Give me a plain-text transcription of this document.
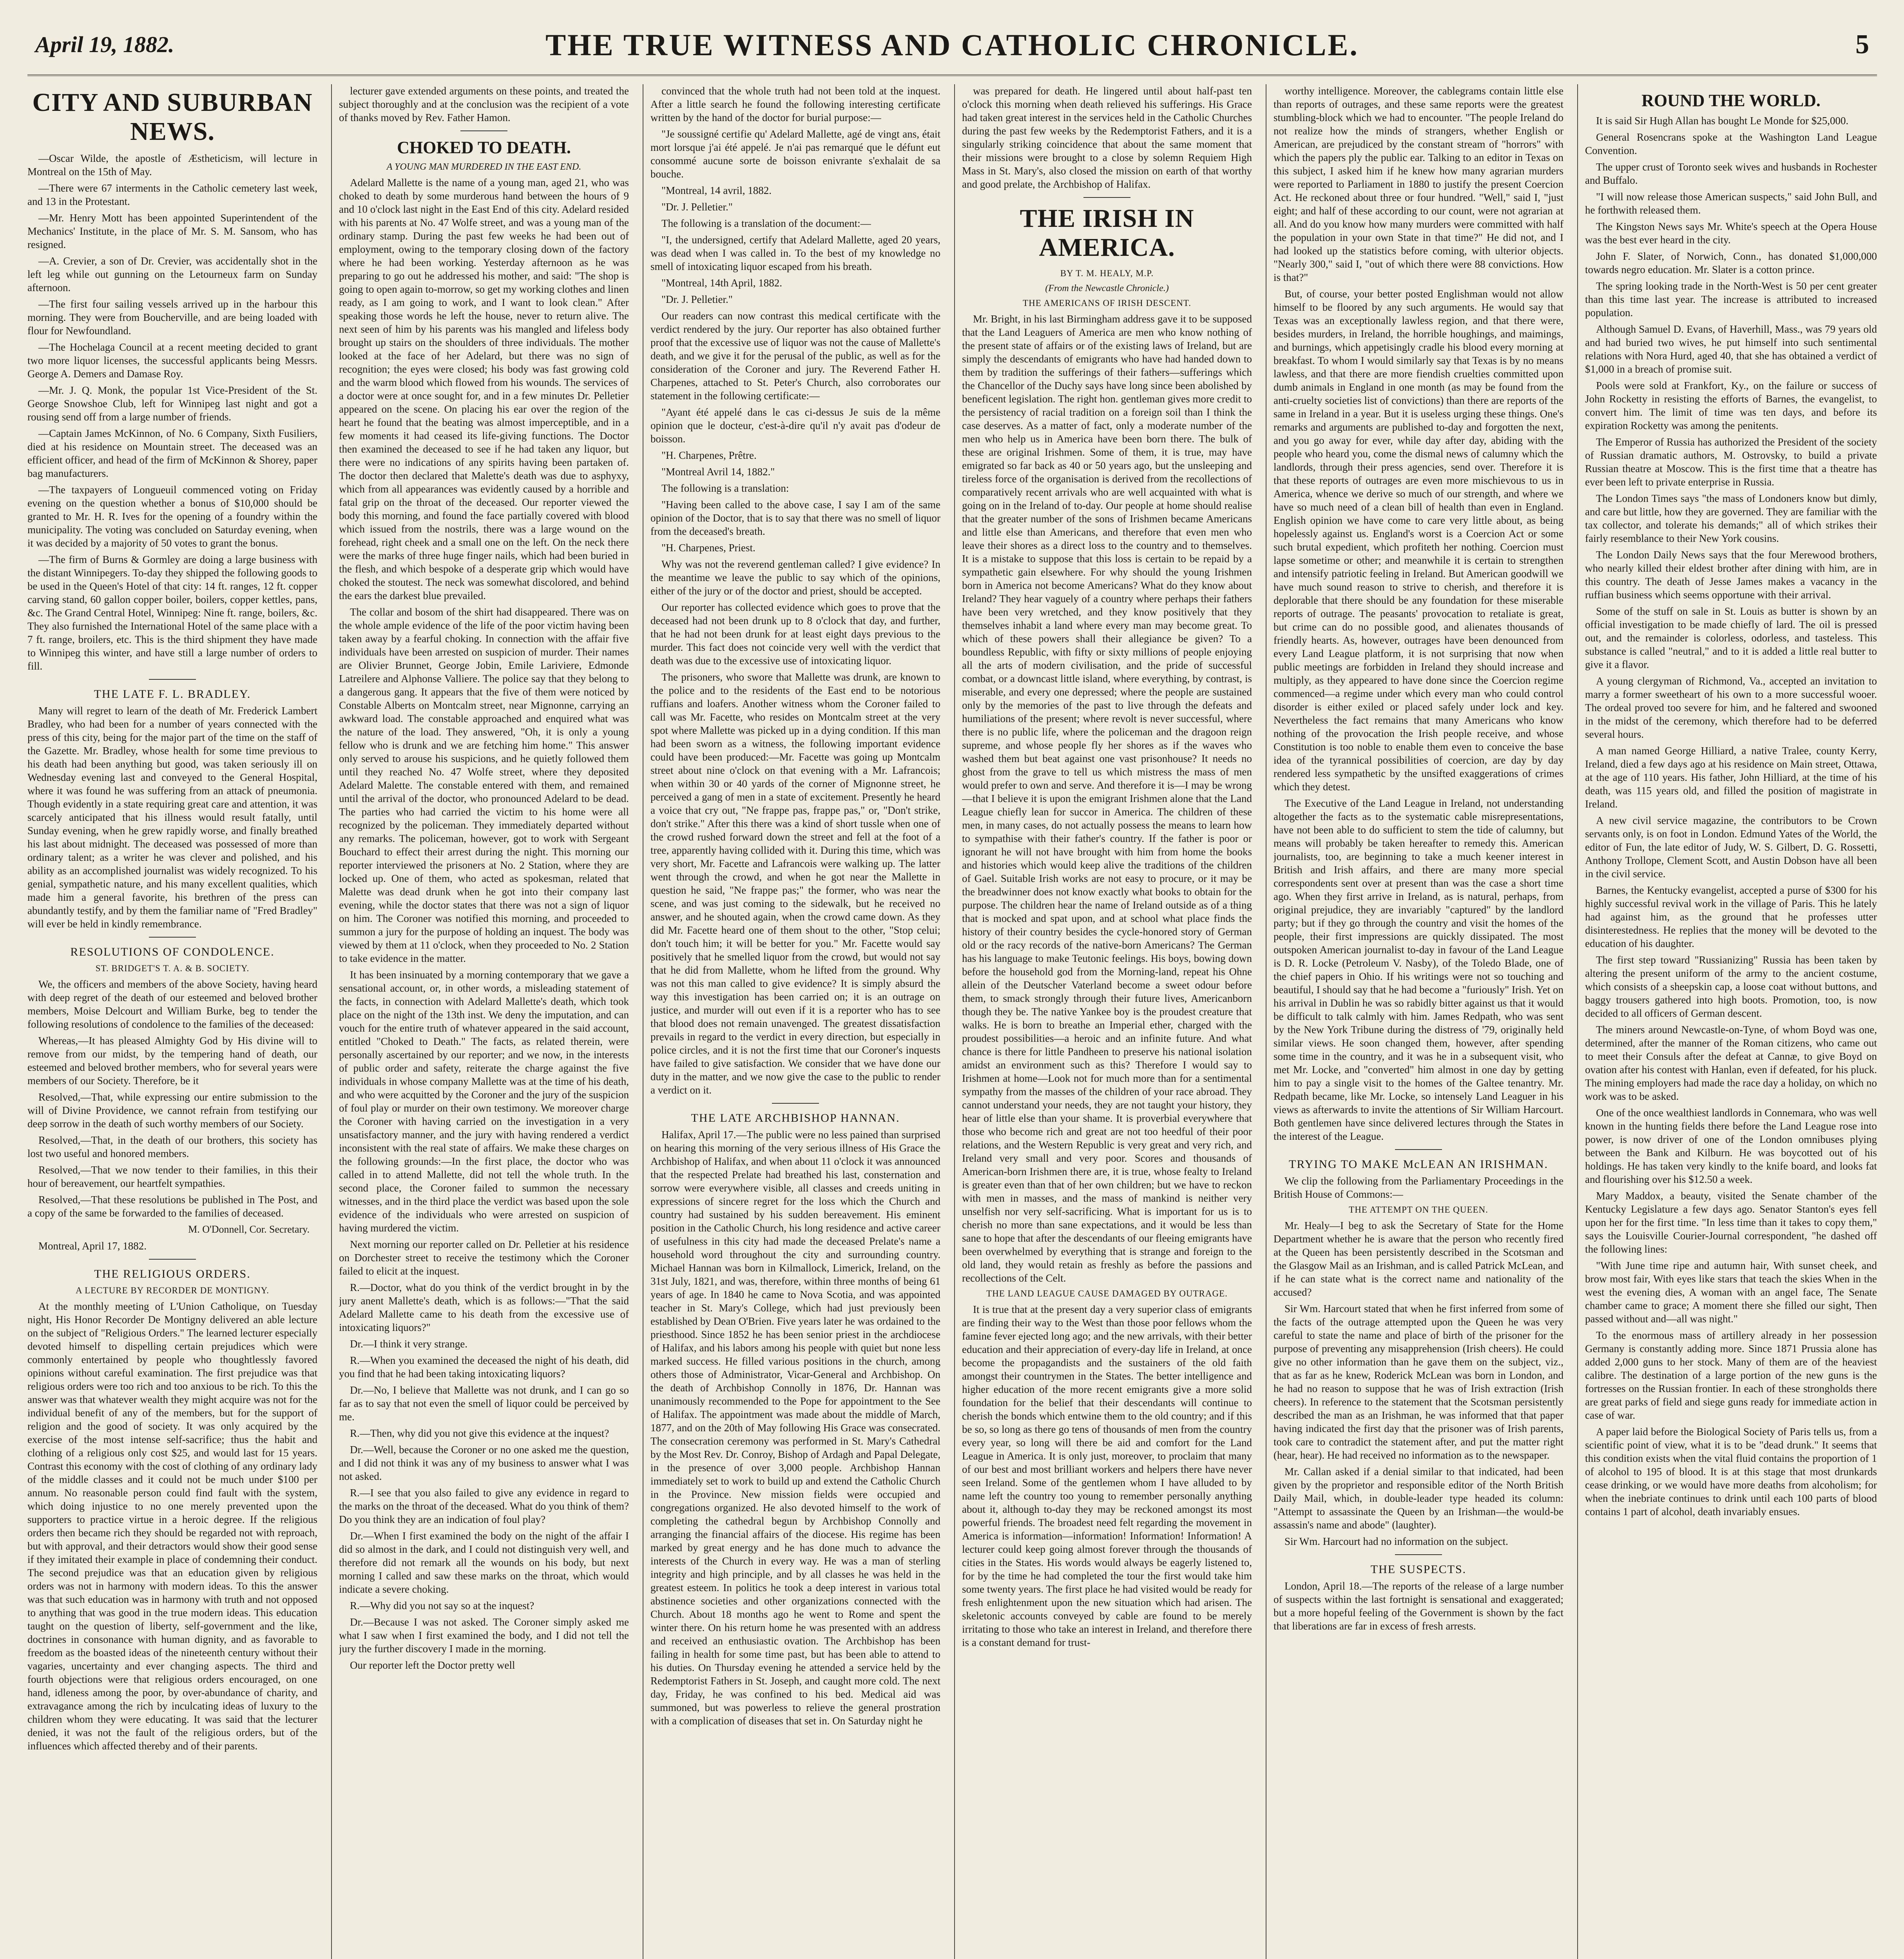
April 19, 1882.	THE TRUE WITNESS AND CATHOLIC CHRONICLE.	5
CITY AND SUBURBAN NEWS.

—Oscar Wilde, the apostle of Æstheticism, will lecture in Montreal on the 15th of May.

—There were 67 interments in the Catholic cemetery last week, and 13 in the Protestant.

—Mr. Henry Mott has been appointed Superintendent of the Mechanics' Institute, in the place of Mr. S. M. Sansom, who has resigned.

—A. Crevier, a son of Dr. Crevier, was accidentally shot in the left leg while out gunning on the Letourneux farm on Sunday afternoon.

—The first four sailing vessels arrived up in the harbour this morning. They were from Boucherville, and are being loaded with flour for Newfoundland.

—The Hochelaga Council at a recent meeting decided to grant two more liquor licenses, the successful applicants being Messrs. George A. Demers and Damase Roy.

—Mr. J. Q. Monk, the popular 1st Vice-President of the St. George Snowshoe Club, left for Winnipeg last night and got a rousing send off from a large number of friends.

—Captain James McKinnon, of No. 6 Company, Sixth Fusiliers, died at his residence on Mountain street. The deceased was an efficient officer, and head of the firm of McKinnon & Shorey, paper bag manufacturers.

—The taxpayers of Longueuil commenced voting on Friday evening on the question whether a bonus of $10,000 should be granted to Mr. H. R. Ives for the opening of a foundry within the municipality. The voting was concluded on Saturday evening, when it was decided by a majority of 50 votes to grant the bonus.

—The firm of Burns & Gormley are doing a large business with the distant Winnipegers. To-day they shipped the following goods to be used in the Queen's Hotel of that city: 14 ft. ranges, 12 ft. copper carving stand, 60 gallon copper boiler, boilers, copper kettles, pans, &c. The Grand Central Hotel, Winnipeg: Nine ft. range, boilers, &c. They also furnished the International Hotel of the same place with a 7 ft. range, broilers, etc. This is the third shipment they have made to Winnipeg this winter, and have still a large number of orders to fill.

THE LATE F. L. BRADLEY.

Many will regret to learn of the death of Mr. Frederick Lambert Bradley, who had been for a number of years connected with the press of this city, being for the major part of the time on the staff of the Gazette. Mr. Bradley, whose health for some time previous to his death had been anything but good, was taken seriously ill on Wednesday evening last and conveyed to the General Hospital, where it was found he was suffering from an attack of pneumonia. Though evidently in a state requiring great care and attention, it was scarcely anticipated that his illness would result fatally, until Sunday evening, when he grew rapidly worse, and finally breathed his last about midnight. The deceased was possessed of more than ordinary talent; as a writer he was clever and polished, and his ability as an accomplished journalist was widely recognized. To his genial, sympathetic nature, and his many excellent qualities, which made him a general favorite, his brethren of the press can abundantly testify, and by them the familiar name of "Fred Bradley" will ever be held in kindly remembrance.

RESOLUTIONS OF CONDOLENCE.
ST. BRIDGET'S T. A. & B. SOCIETY.

We, the officers and members of the above Society, having heard with deep regret of the death of our esteemed and beloved brother members, Moise Delcourt and William Burke, beg to tender the following resolutions of condolence to the families of the deceased:

Whereas,—It has pleased Almighty God by His divine will to remove from our midst, by the tempering hand of death, our esteemed and beloved brother members, who for several years were members of our Society. Therefore, be it

Resolved,—That, while expressing our entire submission to the will of Divine Providence, we cannot refrain from testifying our deep sorrow in the death of such worthy members of our Society.

Resolved,—That, in the death of our brothers, this society has lost two useful and honored members.

Resolved,—That we now tender to their families, in this their hour of bereavement, our heartfelt sympathies.

Resolved,—That these resolutions be published in The Post, and a copy of the same be forwarded to the families of deceased.

M. O'Donnell, Cor. Secretary.

Montreal, April 17, 1882.

THE RELIGIOUS ORDERS.
A LECTURE BY RECORDER DE MONTIGNY.

At the monthly meeting of L'Union Catholique, on Tuesday night, His Honor Recorder De Montigny delivered an able lecture on the subject of "Religious Orders." The learned lecturer especially devoted himself to dispelling certain prejudices which were commonly entertained by people who thoughtlessly favored opinions without careful examination. The first prejudice was that religious orders were too rich and too anxious to be rich. To this the answer was that whatever wealth they might acquire was not for the individual benefit of any of the members, but for the support of religion and the good of society. It was only acquired by the exercise of the most intense self-sacrifice; thus the habit and clothing of a religious only cost $25, and would last for 15 years. Contrast this economy with the cost of clothing of any ordinary lady of the middle classes and it could not be much under $100 per annum. No reasonable person could find fault with the system, which doing injustice to no one merely prevented upon the supporters to practice virtue in a heroic degree. If the religious orders then became rich they should be regarded not with reproach, but with approval, and their detractors would show their good sense if they imitated their example in place of condemning their conduct. The second prejudice was that an education given by religious orders was not in harmony with modern ideas. To this the answer was that such education was in harmony with truth and not opposed to anything that was good in the true modern ideas. This education taught on the question of liberty, self-government and the like, doctrines in consonance with human dignity, and as favorable to freedom as the boasted ideas of the nineteenth century without their vagaries, uncertainty and ever changing aspects. The third and fourth objections were that religious orders encouraged, on one hand, idleness among the poor, by over-abundance of charity, and extravagance among the rich by inculcating ideas of luxury to the children whom they were educating. It was said that the lecturer denied, it was not the fault of the religious orders, but of the influences which affected thereby and of their parents.

lecturer gave extended arguments on these points, and treated the subject thoroughly and at the conclusion was the recipient of a vote of thanks moved by Rev. Father Hamon.

CHOKED TO DEATH.
A YOUNG MAN MURDERED IN THE EAST END.

Adelard Mallette is the name of a young man, aged 21, who was choked to death by some murderous hand between the hours of 9 and 10 o'clock last night in the East End of this city. Adelard resided with his parents at No. 47 Wolfe street, and was a young man of the ordinary stamp. During the past few weeks he had been out of employment, owing to the temporary closing down of the factory where he had been working. Yesterday afternoon as he was preparing to go out he addressed his mother, and said: "The shop is going to open again to-morrow, so get my working clothes and linen ready, as I am going to work, and I want to look clean." After speaking those words he left the house, never to return alive. The next seen of him by his parents was his mangled and lifeless body brought up stairs on the shoulders of three individuals. The mother looked at the face of her Adelard, but there was no sign of recognition; the eyes were closed; his body was fast growing cold and the warm blood which flowed from his wounds. The services of a doctor were at once sought for, and in a few minutes Dr. Pelletier appeared on the scene. On placing his ear over the region of the heart he found that the beating was almost imperceptible, and in a few moments it had ceased its life-giving functions. The Doctor then examined the deceased to see if he had taken any liquor, but there were no indications of any spirits having been partaken of. The doctor then declared that Malette's death was due to asphyxy, which from all appearances was evidently caused by a horrible and fatal grip on the throat of the deceased. Our reporter viewed the body this morning, and found the face partially covered with blood which issued from the nostrils, there was a large wound on the forehead, right cheek and a small one on the left. On the neck there were the marks of three huge finger nails, which had been buried in the flesh, and which bespoke of a desperate grip which would have choked the stoutest. The neck was somewhat discolored, and behind the ears the darkest blue prevailed.

The collar and bosom of the shirt had disappeared. There was on the whole ample evidence of the life of the poor victim having been taken away by a fearful choking. In connection with the affair five individuals have been arrested on suspicion of murder. Their names are Olivier Brunnet, George Jobin, Emile Lariviere, Edmonde Latreilere and Alphonse Valliere. The police say that they belong to a dangerous gang. It appears that the five of them were noticed by Constable Alberts on Montcalm street, near Mignonne, carrying an awkward load. The constable approached and enquired what was the nature of the load. They answered, "Oh, it is only a young fellow who is drunk and we are fetching him home." This answer only served to arouse his suspicions, and he quietly followed them until they reached No. 47 Wolfe street, where they deposited Adelard Malette. The constable entered with them, and remained until the arrival of the doctor, who pronounced Adelard to be dead. The parties who had carried the victim to his home were all recognized by the policeman. They immediately departed without any remarks. The policeman, however, got to work with Sergeant Bouchard to effect their arrest during the night. This morning our reporter interviewed the prisoners at No. 2 Station, where they are locked up. One of them, who acted as spokesman, related that Malette was dead drunk when he got into their company last evening, while the doctor states that there was not a sign of liquor on him. The Coroner was notified this morning, and proceeded to summon a jury for the purpose of holding an inquest. The body was viewed by them at 11 o'clock, when they proceeded to No. 2 Station to take evidence in the matter.

It has been insinuated by a morning contemporary that we gave a sensational account, or, in other words, a misleading statement of the facts, in connection with Adelard Mallette's death, which took place on the night of the 13th inst. We deny the imputation, and can vouch for the entire truth of whatever appeared in the said account, entitled "Choked to Death." The facts, as related therein, were personally ascertained by our reporter; and we now, in the interests of public order and safety, reiterate the charge against the five individuals in whose company Mallette was at the time of his death, and who were acquitted by the Coroner and the jury of the suspicion of foul play or murder on their own testimony. We moreover charge the Coroner with having carried on the investigation in a very unsatisfactory manner, and the jury with having rendered a verdict inconsistent with the real state of affairs. We make these charges on the following grounds:—In the first place, the doctor who was called in to attend Mallette, did not tell the whole truth. In the second place, the Coroner failed to summon the necessary witnesses, and in the third place the verdict was based upon the sole evidence of the individuals who were arrested on suspicion of having murdered the victim.

Next morning our reporter called on Dr. Pelletier at his residence on Dorchester street to receive the testimony which the Coroner failed to elicit at the inquest.

R.—Doctor, what do you think of the verdict brought in by the jury anent Mallette's death, which is as follows:—"That the said Adelard Mallette came to his death from the excessive use of intoxicating liquors?"

Dr.—I think it very strange.

R.—When you examined the deceased the night of his death, did you find that he had been taking intoxicating liquors?

Dr.—No, I believe that Mallette was not drunk, and I can go so far as to say that not even the smell of liquor could be perceived by me.

R.—Then, why did you not give this evidence at the inquest?

Dr.—Well, because the Coroner or no one asked me the question, and I did not think it was any of my business to answer what I was not asked.

R.—I see that you also failed to give any evidence in regard to the marks on the throat of the deceased. What do you think of them? Do you think they are an indication of foul play?

Dr.—When I first examined the body on the night of the affair I did so almost in the dark, and I could not distinguish very well, and therefore did not remark all the wounds on his body, but next morning I called and saw these marks on the throat, which would indicate a severe choking.

R.—Why did you not say so at the inquest?

Dr.—Because I was not asked. The Coroner simply asked me what I saw when I first examined the body, and I did not tell the jury the further discovery I made in the morning.

Our reporter left the Doctor pretty well

convinced that the whole truth had not been told at the inquest. After a little search he found the following interesting certificate written by the hand of the doctor for burial purpose:—

"Je soussigné certifie qu' Adelard Mallette, agé de vingt ans, était mort lorsque j'ai été appelé. Je n'ai pas remarqué que le défunt eut consommé aucune sorte de boisson enivrante s'exhalait de sa bouche.

"Montreal, 14 avril, 1882.

"Dr. J. Pelletier."

The following is a translation of the document:—

"I, the undersigned, certify that Adelard Mallette, aged 20 years, was dead when I was called in. To the best of my knowledge no smell of intoxicating liquor escaped from his breath.

"Montreal, 14th April, 1882.

"Dr. J. Pelletier."

Our readers can now contrast this medical certificate with the verdict rendered by the jury. Our reporter has also obtained further proof that the excessive use of liquor was not the cause of Mallette's death, and we give it for the perusal of the public, as well as for the consideration of the Coroner and jury. The Reverend Father H. Charpenes, attached to St. Peter's Church, also corroborates our statement in the following certificate:—

"Ayant été appelé dans le cas ci-dessus Je suis de la même opinion que le docteur, c'est-à-dire qu'il n'y avait pas d'odeur de boisson.

"H. Charpenes, Prêtre.

"Montreal Avril 14, 1882."

The following is a translation:

"Having been called to the above case, I say I am of the same opinion of the Doctor, that is to say that there was no smell of liquor from the deceased's breath.

"H. Charpenes, Priest.

Why was not the reverend gentleman called? I give evidence? In the meantime we leave the public to say which of the opinions, either of the jury or of the doctor and priest, should be accepted.

Our reporter has collected evidence which goes to prove that the deceased had not been drunk up to 8 o'clock that day, and further, that he had not been drunk for at least eight days previous to the murder. This fact does not coincide very well with the verdict that death was due to the excessive use of intoxicating liquor.

The prisoners, who swore that Mallette was drunk, are known to the police and to the residents of the East end to be notorious ruffians and loafers. Another witness whom the Coroner failed to call was Mr. Facette, who resides on Montcalm street at the very spot where Mallette was picked up in a dying condition. If this man had been sworn as a witness, the following important evidence could have been produced:—Mr. Facette was going up Montcalm street about nine o'clock on that evening with a Mr. Lafrancois; when within 30 or 40 yards of the corner of Mignonne street, he perceived a gang of men in a state of excitement. Presently he heard a voice that cry out, "Ne frappe pas, frappe pas," or, "Don't strike, don't strike." After this there was a kind of short tussle when one of the crowd rushed forward down the street and fell at the foot of a tree, apparently having collided with it. During this time, which was very short, Mr. Facette and Lafrancois were walking up. The latter went through the crowd, and when he got near the Mallette in question he said, "Ne frappe pas;" the former, who was near the scene, and was just coming to the sidewalk, but he received no answer, and he shouted again, when the crowd came down. As they did Mr. Facette heard one of them shout to the other, "Stop celui; don't touch him; it will be better for you." Mr. Facette would say positively that he smelled liquor from the crowd, but would not say that he did from Mallette, whom he lifted from the ground. Why was not this man called to give evidence? It is simply absurd the way this investigation has been carried on; it is an outrage on justice, and murder will out even if it is a reporter who has to see that blood does not remain unavenged. The greatest dissatisfaction prevails in regard to the verdict in every direction, but especially in police circles, and it is not the first time that our Coroner's inquests have failed to give satisfaction. We consider that we have done our duty in the matter, and we now give the case to the public to render a verdict on it.

THE LATE ARCHBISHOP HANNAN.

Halifax, April 17.—The public were no less pained than surprised on hearing this morning of the very serious illness of His Grace the Archbishop of Halifax, and when about 11 o'clock it was announced that the respected Prelate had breathed his last, consternation and sorrow were everywhere visible, all classes and creeds uniting in expressions of sincere regret for the loss which the Church and country had sustained by his sudden bereavement. His eminent position in the Catholic Church, his long residence and active career of usefulness in this city had made the deceased Prelate's name a household word throughout the city and surrounding country. Michael Hannan was born in Kilmallock, Limerick, Ireland, on the 31st July, 1821, and was, therefore, within three months of being 61 years of age. In 1840 he came to Nova Scotia, and was appointed teacher in St. Mary's College, which had just previously been established by Dean O'Brien. Five years later he was ordained to the priesthood. Since 1852 he has been senior priest in the archdiocese of Halifax, and his labors among his people with quiet but none less marked success. He filled various positions in the church, among others those of Administrator, Vicar-General and Archbishop. On the death of Archbishop Connolly in 1876, Dr. Hannan was unanimously recommended to the Pope for appointment to the See of Halifax. The appointment was made about the middle of March, 1877, and on the 20th of May following His Grace was consecrated. The consecration ceremony was performed in St. Mary's Cathedral by the Most Rev. Dr. Conroy, Bishop of Ardagh and Papal Delegate, in the presence of over 3,000 people. Archbishop Hannan immediately set to work to build up and extend the Catholic Church in the Province. New mission fields were occupied and congregations organized. He also devoted himself to the work of completing the cathedral begun by Archbishop Connolly and arranging the financial affairs of the diocese. His regime has been marked by great energy and he has done much to advance the interests of the Church in every way. He was a man of sterling integrity and high principle, and by all classes he was held in the greatest esteem. In politics he took a deep interest in various total abstinence societies and other organizations connected with the Church. About 18 months ago he went to Rome and spent the winter there. On his return home he was presented with an address and received an enthusiastic ovation. The Archbishop has been failing in health for some time past, but has been able to attend to his duties. On Thursday evening he attended a service held by the Redemptorist Fathers in St. Joseph, and caught more cold. The next day, Friday, he was confined to his bed. Medical aid was summoned, but was powerless to relieve the general prostration with a complication of diseases that set in. On Saturday night he

was prepared for death. He lingered until about half-past ten o'clock this morning when death relieved his sufferings. His Grace had taken great interest in the services held in the Catholic Churches during the past few weeks by the Redemptorist Fathers, and it is a singularly striking coincidence that about the same moment that their missions were brought to a close by solemn Requiem High Mass in St. Mary's, also closed the mission on earth of that worthy and good prelate, the Archbishop of Halifax.

THE IRISH IN AMERICA.
BY T. M. HEALY, M.P.
(From the Newcastle Chronicle.)
THE AMERICANS OF IRISH DESCENT.

Mr. Bright, in his last Birmingham address gave it to be supposed that the Land Leaguers of America are men who know nothing of the present state of affairs or of the existing laws of Ireland, but are simply the descendants of emigrants who have had handed down to them by tradition the sufferings of their fathers—sufferings which the Chancellor of the Duchy says have long since been abolished by beneficent legislation. The right hon. gentleman gives more credit to the persistency of racial tradition on a foreign soil than I think the case deserves. As a matter of fact, only a moderate number of the men who help us in America have been born there. The bulk of these are original Irishmen. Some of them, it is true, may have emigrated so far back as 40 or 50 years ago, but the unsleeping and tireless force of the organisation is derived from the recollections of comparatively recent arrivals who are well acquainted with what is going on in the Ireland of to-day. Our people at home should realise that the greater number of the sons of Irishmen became Americans and little else than Americans, and therefore that even men who leave their shores as a direct loss to the country and to themselves. It is a mistake to suppose that this loss is certain to be repaid by a sympathetic gain elsewhere. For why should the young Irishmen born in America not become Americans? What do they know about Ireland? They hear vaguely of a country where perhaps their fathers have been very wretched, and they know positively that they themselves inhabit a land where every man may become great. To which of these powers shall their allegiance be given? To a boundless Republic, with fifty or sixty millions of people enjoying all the arts of modern civilisation, and the pride of successful combat, or a downcast little island, where everything, by contrast, is miserable, and every one depressed; where the people are sustained only by the memories of the past to live through the defeats and humiliations of the present; where revolt is never successful, where there is no public life, where the policeman and the dragoon reign supreme, and whose people fly her shores as if the waves who washed them but beat against one vast prisonhouse? It needs no ghost from the grave to tell us which mistress the mass of men would prefer to own and serve. And therefore it is—I may be wrong—that I believe it is upon the emigrant Irishmen alone that the Land League chiefly lean for succor in America. The children of these men, in many cases, do not actually possess the means to learn how to sympathise with their father's country. If the father is poor or ignorant he will not have brought with him from home the books and histories which would keep alive the traditions of the children of Gael. Suitable Irish works are not easy to procure, or it may be the breadwinner does not know exactly what books to obtain for the purpose. The children hear the name of Ireland outside as of a thing that is mocked and spat upon, and at school what place finds the history of their country besides the cycle-honored story of German old or the racy records of the native-born Americans? The German has his language to make Teutonic feelings. His boys, bowing down before the household god from the Morning-land, repeat his Ohne allein of the Deutscher Vaterland become a sweet odour before them, to smack strongly through their future lives, Americanborn though they be. The native Yankee boy is the proudest creature that walks. He is born to breathe an Imperial ether, charged with the proudest possibilities—a heroic and an infinite future. And what chance is there for little Pandheen to preserve his national isolation amidst an environment such as this? Therefore I would say to Irishmen at home—Look not for much more than for a sentimental sympathy from the masses of the children of your race abroad. They cannot understand your needs, they are not taught your history, they hear of little else than your shame. It is proverbial everywhere that those who become rich and great are not too heedful of their poor relations, and the Western Republic is very great and very rich, and Ireland very small and very poor. Scores and thousands of American-born Irishmen there are, it is true, whose fealty to Ireland is greater even than that of her own children; but we have to reckon with men in masses, and the mass of mankind is neither very unselfish nor very self-sacrificing. What is important for us is to cherish no more than sane expectations, and it would be less than sane to hope that after the descendants of our fleeing emigrants have been overwhelmed by everything that is strange and foreign to the old land, they would retain as freshly as before the passions and recollections of the Celt.

THE LAND LEAGUE CAUSE DAMAGED BY OUTRAGE.

It is true that at the present day a very superior class of emigrants are finding their way to the West than those poor fellows whom the famine fever ejected long ago; and the new arrivals, with their better education and their appreciation of every-day life in Ireland, at once become the propagandists and the sustainers of the old faith amongst their countrymen in the States. The better intelligence and higher education of the more recent emigrants give a more solid foundation for the belief that their descendants will continue to cherish the bonds which entwine them to the old country; and if this be so, so long as there go tens of thousands of men from the country every year, so long will there be aid and comfort for the Land League in America. It is only just, moreover, to proclaim that many of our best and most brilliant workers and helpers there have never seen Ireland. Some of the gentlemen whom I have alluded to by name left the country too young to remember personally anything about it, although to-day they may be reckoned amongst its most powerful friends. The broadest need felt regarding the movement in America is information—information! Information! Information! A lecturer could keep going almost forever through the thousands of cities in the States. His words would always be eagerly listened to, for by the time he had completed the tour the first would take him some twenty years. The first place he had visited would be ready for fresh enlightenment upon the new situation which had arisen. The skeletonic accounts conveyed by cable are found to be merely irritating to those who take an interest in Ireland, and therefore there is a constant demand for trust-

worthy intelligence. Moreover, the cablegrams contain little else than reports of outrages, and these same reports were the greatest stumbling-block which we had to encounter. "The people Ireland do not realize how the minds of strangers, whether English or American, are prejudiced by the constant stream of "horrors" with which the papers ply the public ear. Talking to an editor in Texas on this subject, I asked him if he knew how many agrarian murders were reported to Parliament in 1880 to justify the present Coercion Act. He reckoned about three or four hundred. "Well," said I, "just eight; and half of these according to our count, were not agrarian at all. And do you know how many murders were committed with half the population in your own State in that time?" He did not, and I had looked up the statistics before coming, with ulterior objects. "Nearly 300," said I, "out of which there were 88 convictions. How is that?"

But, of course, your better posted Englishman would not allow himself to be floored by any such arguments. He would say that Texas was an exceptionally lawless region, and that there were, besides murders, in Ireland, the horrible houghings, and maimings, and burnings, which appetisingly cradle his blood every morning at breakfast. To whom I would similarly say that Texas is by no means lawless, and that there are more fiendish cruelties committed upon dumb animals in England in one month (as may be found from the anti-cruelty societies list of convictions) than there are reports of the same in Ireland in a year. But it is useless urging these things. One's remarks and arguments are published to-day and forgotten the next, and you go away for ever, while day after day, abiding with the people who heard you, come the dismal news of calumny which the landlords, through their press agencies, send over. Therefore it is that these reports of outrages are even more mischievous to us in America, whence we derive so much of our strength, and where we have so much need of a clean bill of health than even in England. English opinion we have come to care very little about, as being hopelessly against us. England's worst is a Coercion Act or some such brutal expedient, which profiteth her nothing. Coercion must lapse sometime or other; and meanwhile it is certain to strengthen and intensify patriotic feeling in Ireland. But American goodwill we have much sound reason to strive to cherish, and therefore it is deplorable that there should be any foundation for these miserable reports of outrage. The peasants' provocation to retaliate is great, but crime can do no possible good, and alienates thousands of friendly hearts. As, however, outrages have been denounced from every Land League platform, it is not surprising that now when public meetings are forbidden in Ireland they should increase and multiply, as they appeared to have done since the Coercion regime commenced—a regime under which every man who could control disorder is either exiled or placed safely under lock and key. Nevertheless the fact remains that many Americans who know nothing of the provocation the Irish people receive, and whose Constitution is too noble to enable them even to conceive the base idea of the tyrannical possibilities of coercion, are day by day rendered less sympathetic by the unsifted exaggerations of crimes which they detest.

The Executive of the Land League in Ireland, not understanding altogether the facts as to the systematic cable misrepresentations, have not been able to do sufficient to stem the tide of calumny, but means will probably be taken hereafter to remedy this. American journalists, too, are beginning to take a much keener interest in British and Irish affairs, and there are many more special correspondents sent over at present than was the case a short time ago. When they first arrive in Ireland, as is natural, perhaps, from original prejudice, they are invariably "captured" by the landlord party; but if they go through the country and visit the homes of the people, their first impressions are quickly dissipated. The most outspoken American journalist to-day in favour of the Land League is D. R. Locke (Petroleum V. Nasby), of the Toledo Blade, one of the chief papers in Ohio. If his writings were not so touching and beautiful, I should say that he had become a "furiously" Irish. Yet on his arrival in Dublin he was so rabidly bitter against us that it would be difficult to talk calmly with him. James Redpath, who was sent by the New York Tribune during the distress of '79, originally held similar views. He soon changed them, however, after spending some time in the country, and it was he in a subsequent visit, who met Mr. Locke, and "converted" him almost in one day by getting him to pay a single visit to the homes of the Galtee tenantry. Mr. Redpath became, like Mr. Locke, so intensely Land Leaguer in his views as afterwards to invite the attentions of Sir William Harcourt. Both gentlemen have since delivered lectures through the States in the interest of the League.

TRYING TO MAKE McLEAN AN IRISHMAN.

We clip the following from the Parliamentary Proceedings in the British House of Commons:—

THE ATTEMPT ON THE QUEEN.

Mr. Healy—I beg to ask the Secretary of State for the Home Department whether he is aware that the person who recently fired at the Queen has been persistently described in the Scotsman and the Glasgow Mail as an Irishman, and is called Patrick McLean, and if he can state what is the correct name and nationality of the accused?

Sir Wm. Harcourt stated that when he first inferred from some of the facts of the outrage attempted upon the Queen he was very careful to state the name and place of birth of the prisoner for the purpose of preventing any misapprehension (Irish cheers). He could give no other information than he gave them on the subject, viz., that as far as he knew, Roderick McLean was born in London, and he had no reason to suppose that he was of Irish extraction (Irish cheers). In reference to the statement that the Scotsman persistently described the man as an Irishman, he was informed that that paper having indicated the first day that the prisoner was of Irish parents, took care to contradict the statement after, and put the matter right (hear, hear). He had received no information as to the newspaper.

Mr. Callan asked if a denial similar to that indicated, had been given by the proprietor and responsible editor of the North British Daily Mail, which, in double-leader type headed its column: "Attempt to assassinate the Queen by an Irishman—the would-be assassin's name and abode" (laughter).

Sir Wm. Harcourt had no information on the subject.

THE SUSPECTS.

London, April 18.—The reports of the release of a large number of suspects within the last fortnight is sensational and exaggerated; but a more hopeful feeling of the Government is shown by the fact that liberations are far in excess of fresh arrests.

ROUND THE WORLD.

It is said Sir Hugh Allan has bought Le Monde for $25,000.

General Rosencrans spoke at the Washington Land League Convention.

The upper crust of Toronto seek wives and husbands in Rochester and Buffalo.

"I will now release those American suspects," said John Bull, and he forthwith released them.

The Kingston News says Mr. White's speech at the Opera House was the best ever heard in the city.

John F. Slater, of Norwich, Conn., has donated $1,000,000 towards negro education. Mr. Slater is a cotton prince.

The spring looking trade in the North-West is 50 per cent greater than this time last year. The increase is attributed to increased population.

Although Samuel D. Evans, of Haverhill, Mass., was 79 years old and had buried two wives, he put himself into such sentimental relations with Nora Hurd, aged 40, that she has obtained a verdict of $1,000 in a breach of promise suit.

Pools were sold at Frankfort, Ky., on the failure or success of John Rocketty in resisting the efforts of Barnes, the evangelist, to convert him. The limit of time was ten days, and before its expiration Rocketty was among the penitents.

The Emperor of Russia has authorized the President of the society of Russian dramatic authors, M. Ostrovsky, to build a private Russian theatre at Moscow. This is the first time that a theatre has ever been left to private enterprise in Russia.

The London Times says "the mass of Londoners know but dimly, and care but little, how they are governed. They are familiar with the tax collector, and tolerate his demands;" all of which strikes their fairly resemblance to their New York cousins.

The London Daily News says that the four Merewood brothers, who nearly killed their eldest brother after dining with him, are in this country. The death of Jesse James makes a vacancy in the ruffian business which seems opportune with their arrival.

Some of the stuff on sale in St. Louis as butter is shown by an official investigation to be made chiefly of lard. The oil is pressed out, and the remainder is colorless, odorless, and tasteless. This substance is called "neutral," and to it is added a little real butter to give it a flavor.

A young clergyman of Richmond, Va., accepted an invitation to marry a former sweetheart of his own to a more successful wooer. The ordeal proved too severe for him, and he faltered and swooned in the midst of the ceremony, which therefore had to be deferred several hours.

A man named George Hilliard, a native Tralee, county Kerry, Ireland, died a few days ago at his residence on Main street, Ottawa, at the age of 110 years. His father, John Hilliard, at the time of his death, was 115 years old, and filled the position of magistrate in Ireland.

A new civil service magazine, the contributors to be Crown servants only, is on foot in London. Edmund Yates of the World, the editor of Fun, the late editor of Judy, W. S. Gilbert, D. G. Rossetti, Anthony Trollope, Clement Scott, and Austin Dobson have all been in the civil service.

Barnes, the Kentucky evangelist, accepted a purse of $300 for his highly successful revival work in the village of Paris. This he lately had against him, as the ground that he professes utter disinterestedness. He replies that the money will be devoted to the education of his daughter.

The first step toward "Russianizing" Russia has been taken by altering the present uniform of the army to the ancient costume, which consists of a sheepskin cap, a loose coat without buttons, and baggy trousers gathered into high boots. Promotion, too, is now decided to all officers of German descent.

The miners around Newcastle-on-Tyne, of whom Boyd was one, determined, after the manner of the Roman citizens, who came out to meet their Consuls after the defeat at Cannæ, to give Boyd on ovation after his contest with Hanlan, even if defeated, for his pluck. The mining employers had made the race day a holiday, on which no work was to be asked.

One of the once wealthiest landlords in Connemara, who was well known in the hunting fields there before the Land League rose into power, is now driver of one of the London omnibuses plying between the Bank and Kilburn. He was boycotted out of his holdings. He has taken very kindly to the knife board, and looks fat and flourishing over his $12.50 a week.

Mary Maddox, a beauty, visited the Senate chamber of the Kentucky Legislature a few days ago. Senator Stanton's eyes fell upon her for the first time. "In less time than it takes to copy them," says the Louisville Courier-Journal correspondent, "he dashed off the following lines:

"With June time ripe and autumn hair, With sunset cheek, and brow most fair, With eyes like stars that teach the skies When in the west the evening dies, A woman with an angel face, The Senate chamber came to grace; A moment there she filled our sight, Then passed without and—all was night."

To the enormous mass of artillery already in her possession Germany is constantly adding more. Since 1871 Prussia alone has added 2,000 guns to her stock. Many of them are of the heaviest calibre. The destination of a large portion of the new guns is the fortresses on the Russian frontier. In each of these strongholds there are great parks of field and siege guns ready for immediate action in case of war.

A paper laid before the Biological Society of Paris tells us, from a scientific point of view, what it is to be "dead drunk." It seems that this condition exists when the vital fluid contains the proportion of 1 of alcohol to 195 of blood. It is at this stage that most drunkards cease drinking, or we would have more deaths from alcoholism; for when the inebriate continues to drink until each 100 parts of blood contains 1 part of alcohol, death invariably ensues.
